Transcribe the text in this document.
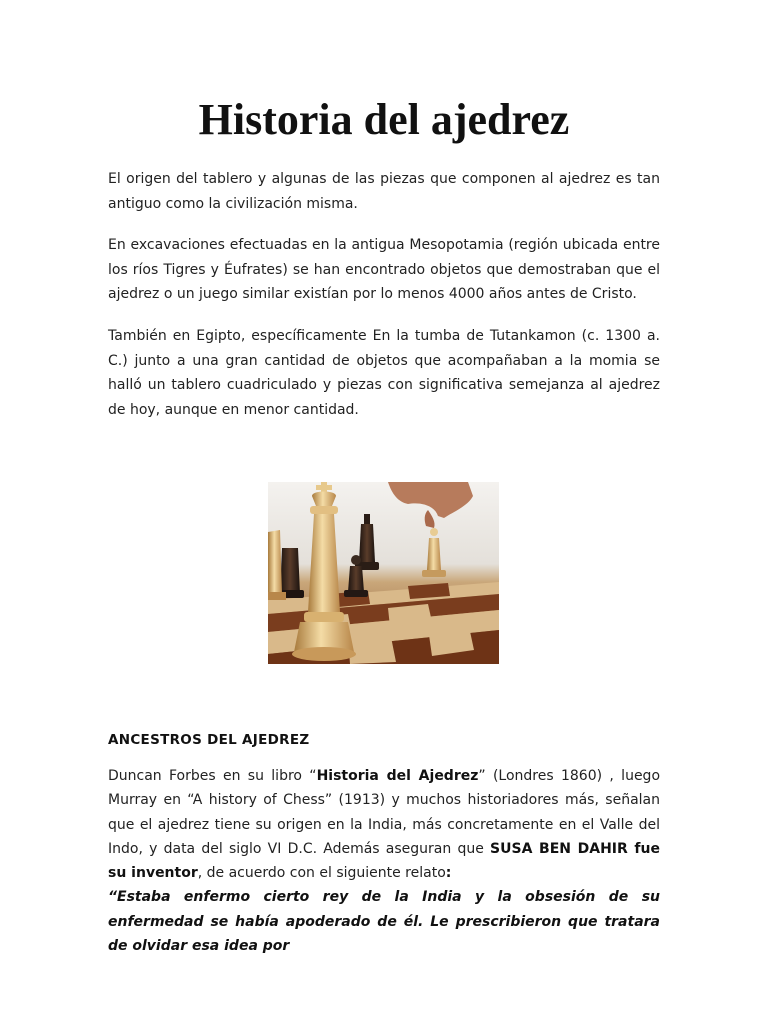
Historia del ajedrez

El origen del tablero y algunas de las piezas que componen al ajedrez es tan antiguo como la civilización misma.

En excavaciones efectuadas en la antigua Mesopotamia (región ubicada entre los ríos Tigres y Éufrates) se han encontrado objetos que demostraban que el ajedrez o un juego similar existían por lo menos 4000 años antes de Cristo.

También en Egipto, específicamente En la tumba de Tutankamon (c. 1300 a. C.) junto a una gran cantidad de objetos que acompañaban a la momia se halló un tablero cuadriculado y piezas con significativa semejanza al ajedrez de hoy, aunque en menor cantidad.

ANCESTROS DEL AJEDREZ

Duncan Forbes en su libro “Historia del Ajedrez” (Londres 1860) , luego Murray en “A history of Chess” (1913) y muchos historiadores más, señalan que el ajedrez tiene su origen en la India, más concretamente en el Valle del Indo, y data del siglo VI D.C. Además aseguran que SUSA BEN DAHIR fue su inventor, de acuerdo con el siguiente relato:
“Estaba enfermo cierto rey de la India y la obsesión de su enfermedad se había apoderado de él. Le prescribieron que tratara de olvidar esa idea por
